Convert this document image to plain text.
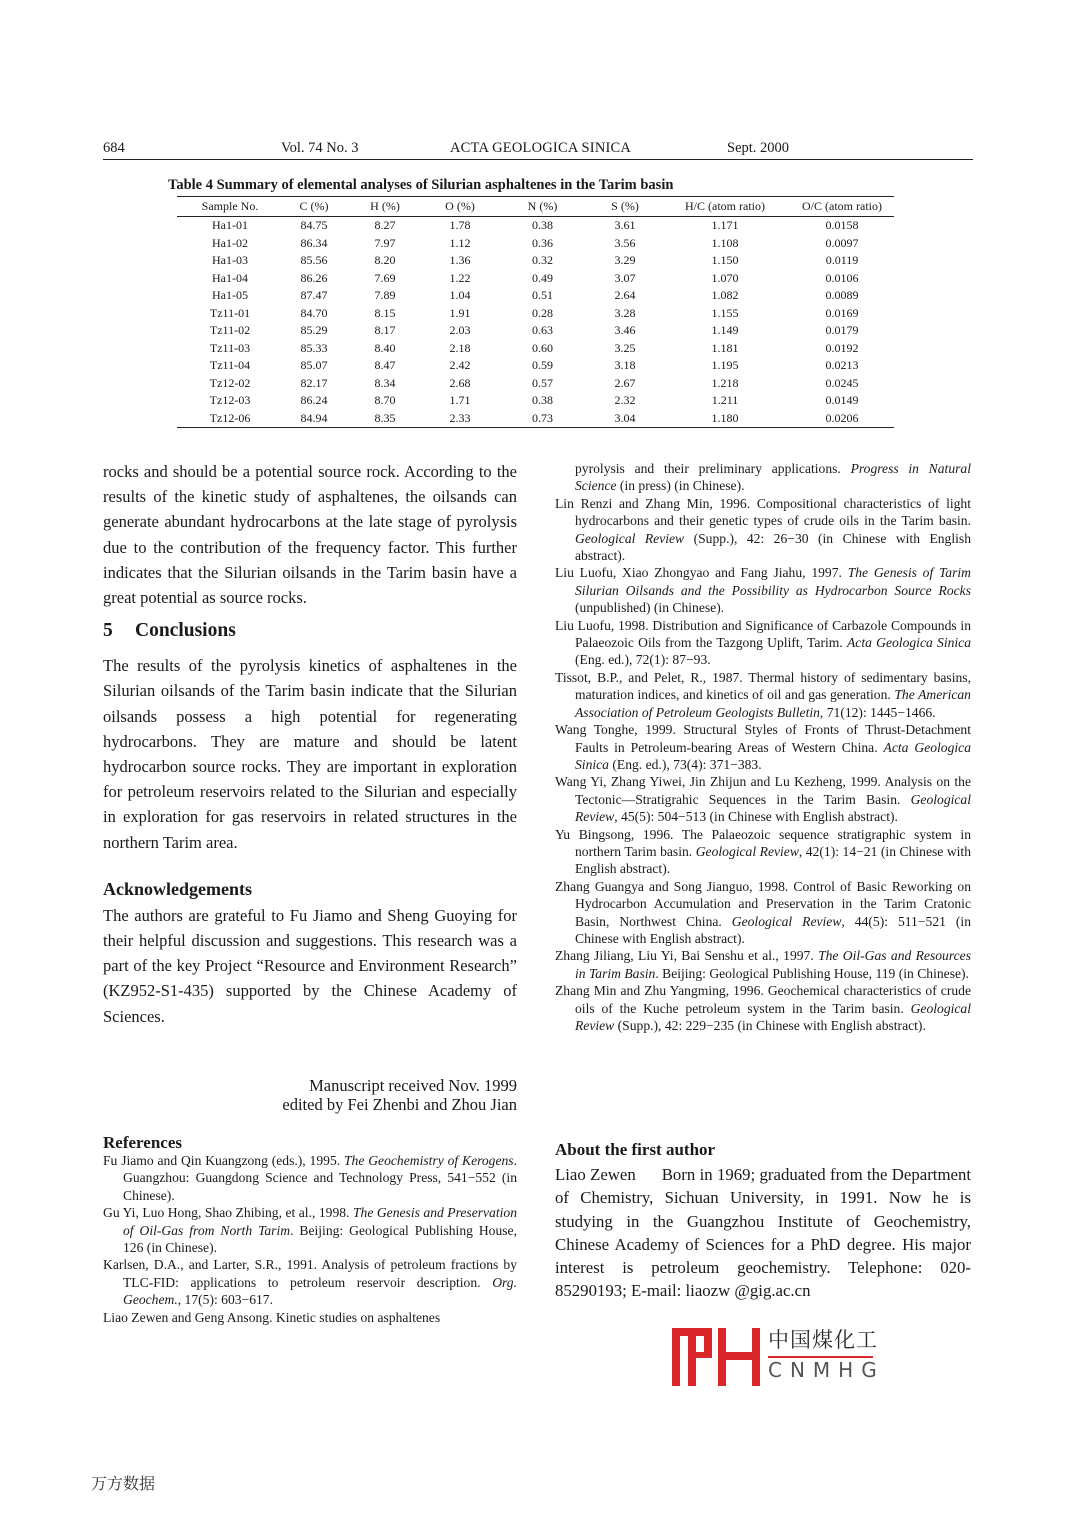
684	Vol. 74 No. 3	ACTA GEOLOGICA SINICA	Sept. 2000
Table 4 Summary of elemental analyses of Silurian asphaltenes in the Tarim basin
Sample No.	C (%)	H (%)	O (%)	N (%)	S (%)	H/C (atom ratio)	O/C (atom ratio)
Ha1-01	84.75	8.27	1.78	0.38	3.61	1.171	0.0158
Ha1-02	86.34	7.97	1.12	0.36	3.56	1.108	0.0097
Ha1-03	85.56	8.20	1.36	0.32	3.29	1.150	0.0119
Ha1-04	86.26	7.69	1.22	0.49	3.07	1.070	0.0106
Ha1-05	87.47	7.89	1.04	0.51	2.64	1.082	0.0089
Tz11-01	84.70	8.15	1.91	0.28	3.28	1.155	0.0169
Tz11-02	85.29	8.17	2.03	0.63	3.46	1.149	0.0179
Tz11-03	85.33	8.40	2.18	0.60	3.25	1.181	0.0192
Tz11-04	85.07	8.47	2.42	0.59	3.18	1.195	0.0213
Tz12-02	82.17	8.34	2.68	0.57	2.67	1.218	0.0245
Tz12-03	86.24	8.70	1.71	0.38	2.32	1.211	0.0149
Tz12-06	84.94	8.35	2.33	0.73	3.04	1.180	0.0206

rocks and should be a potential source rock. According to the results of the kinetic study of asphaltenes, the oilsands can generate abundant hydrocarbons at the late stage of pyrolysis due to the contribution of the frequency factor. This further indicates that the Silurian oilsands in the Tarim basin have a great potential as source rocks.

5 Conclusions

The results of the pyrolysis kinetics of asphaltenes in the Silurian oilsands of the Tarim basin indicate that the Silurian oilsands possess a high potential for regenerating hydrocarbons. They are mature and should be latent hydrocarbon source rocks. They are important in exploration for petroleum reservoirs related to the Silurian and especially in exploration for gas reservoirs in related structures in the northern Tarim area.

Acknowledgements

The authors are grateful to Fu Jiamo and Sheng Guoying for their helpful discussion and suggestions. This research was a part of the key Project “Resource and Environment Research” (KZ952-S1-435) supported by the Chinese Academy of Sciences.

Manuscript received Nov. 1999

edited by Fei Zhenbi and Zhou Jian

References

Fu Jiamo and Qin Kuangzong (eds.), 1995. The Geochemistry of Kerogens. Guangzhou: Guangdong Science and Technology Press, 541−552 (in Chinese).

Gu Yi, Luo Hong, Shao Zhibing, et al., 1998. The Genesis and Preservation of Oil-Gas from North Tarim. Beijing: Geological Publishing House, 126 (in Chinese).

Karlsen, D.A., and Larter, S.R., 1991. Analysis of petroleum fractions by TLC-FID: applications to petroleum reservoir description. Org. Geochem., 17(5): 603−617.

Liao Zewen and Geng Ansong. Kinetic studies on asphaltenes

pyrolysis and their preliminary applications. Progress in Natural Science (in press) (in Chinese).

Lin Renzi and Zhang Min, 1996. Compositional characteristics of light hydrocarbons and their genetic types of crude oils in the Tarim basin. Geological Review (Supp.), 42: 26−30 (in Chinese with English abstract).

Liu Luofu, Xiao Zhongyao and Fang Jiahu, 1997. The Genesis of Tarim Silurian Oilsands and the Possibility as Hydrocarbon Source Rocks (unpublished) (in Chinese).

Liu Luofu, 1998. Distribution and Significance of Carbazole Compounds in Palaeozoic Oils from the Tazgong Uplift, Tarim. Acta Geologica Sinica (Eng. ed.), 72(1): 87−93.

Tissot, B.P., and Pelet, R., 1987. Thermal history of sedimentary basins, maturation indices, and kinetics of oil and gas generation. The American Association of Petroleum Geologists Bulletin, 71(12): 1445−1466.

Wang Tonghe, 1999. Structural Styles of Fronts of Thrust-Detachment Faults in Petroleum-bearing Areas of Western China. Acta Geologica Sinica (Eng. ed.), 73(4): 371−383.

Wang Yi, Zhang Yiwei, Jin Zhijun and Lu Kezheng, 1999. Analysis on the Tectonic—Stratigrahic Sequences in the Tarim Basin. Geological Review, 45(5): 504−513 (in Chinese with English abstract).

Yu Bingsong, 1996. The Palaeozoic sequence stratigraphic system in northern Tarim basin. Geological Review, 42(1): 14−21 (in Chinese with English abstract).

Zhang Guangya and Song Jianguo, 1998. Control of Basic Reworking on Hydrocarbon Accumulation and Preservation in the Tarim Cratonic Basin, Northwest China. Geological Review, 44(5): 511−521 (in Chinese with English abstract).

Zhang Jiliang, Liu Yi, Bai Senshu et al., 1997. The Oil-Gas and Resources in Tarim Basin. Beijing: Geological Publishing House, 119 (in Chinese).

Zhang Min and Zhu Yangming, 1996. Geochemical characteristics of crude oils of the Kuche petroleum system in the Tarim basin. Geological Review (Supp.), 42: 229−235 (in Chinese with English abstract).

About the first author

Liao Zewen Born in 1969; graduated from the Department of Chemistry, Sichuan University, in 1991. Now he is studying in the Guangzhou Institute of Geochemistry, Chinese Academy of Sciences for a PhD degree. His major interest is petroleum geochemistry. Telephone: 020-85290193; E-mail: liaozw @gig.ac.cn

中国煤化工
CNMHG
万方数据
